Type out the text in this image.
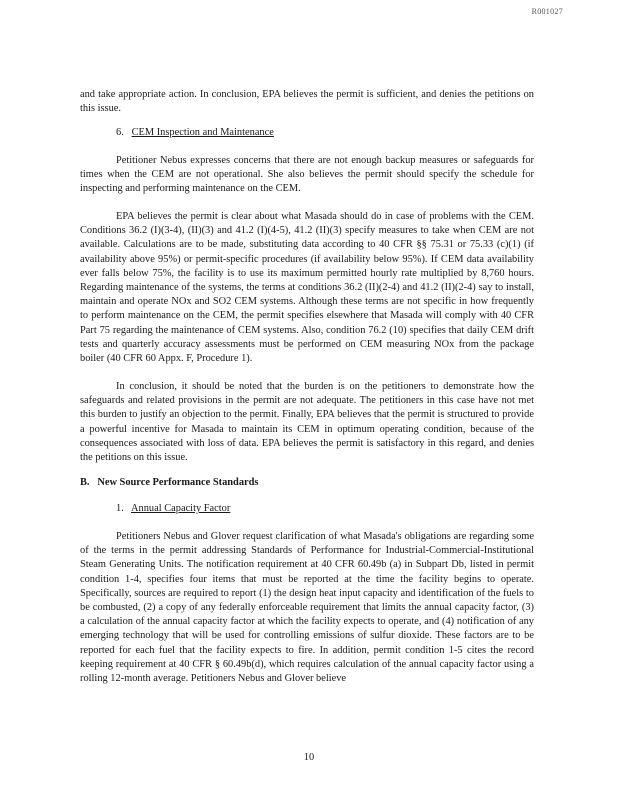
R001027

and take appropriate action. In conclusion, EPA believes the permit is sufficient, and denies the petitions on this issue.

6. CEM Inspection and Maintenance

Petitioner Nebus expresses concerns that there are not enough backup measures or safeguards for times when the CEM are not operational. She also believes the permit should specify the schedule for inspecting and performing maintenance on the CEM.

EPA believes the permit is clear about what Masada should do in case of problems with the CEM. Conditions 36.2 (I)(3-4), (II)(3) and 41.2 (I)(4-5), 41.2 (II)(3) specify measures to take when CEM are not available. Calculations are to be made, substituting data according to 40 CFR §§ 75.31 or 75.33 (c)(1) (if availability above 95%) or permit-specific procedures (if availability below 95%). If CEM data availability ever falls below 75%, the facility is to use its maximum permitted hourly rate multiplied by 8,760 hours. Regarding maintenance of the systems, the terms at conditions 36.2 (II)(2-4) and 41.2 (II)(2-4) say to install, maintain and operate NOx and SO2 CEM systems. Although these terms are not specific in how frequently to perform maintenance on the CEM, the permit specifies elsewhere that Masada will comply with 40 CFR Part 75 regarding the maintenance of CEM systems. Also, condition 76.2 (10) specifies that daily CEM drift tests and quarterly accuracy assessments must be performed on CEM measuring NOx from the package boiler (40 CFR 60 Appx. F, Procedure 1).

In conclusion, it should be noted that the burden is on the petitioners to demonstrate how the safeguards and related provisions in the permit are not adequate. The petitioners in this case have not met this burden to justify an objection to the permit. Finally, EPA believes that the permit is structured to provide a powerful incentive for Masada to maintain its CEM in optimum operating condition, because of the consequences associated with loss of data. EPA believes the permit is satisfactory in this regard, and denies the petitions on this issue.

B. New Source Performance Standards
1. Annual Capacity Factor

Petitioners Nebus and Glover request clarification of what Masada's obligations are regarding some of the terms in the permit addressing Standards of Performance for Industrial-Commercial-Institutional Steam Generating Units. The notification requirement at 40 CFR 60.49b (a) in Subpart Db, listed in permit condition 1-4, specifies four items that must be reported at the time the facility begins to operate. Specifically, sources are required to report (1) the design heat input capacity and identification of the fuels to be combusted, (2) a copy of any federally enforceable requirement that limits the annual capacity factor, (3) a calculation of the annual capacity factor at which the facility expects to operate, and (4) notification of any emerging technology that will be used for controlling emissions of sulfur dioxide. These factors are to be reported for each fuel that the facility expects to fire. In addition, permit condition 1-5 cites the record keeping requirement at 40 CFR § 60.49b(d), which requires calculation of the annual capacity factor using a rolling 12-month average. Petitioners Nebus and Glover believe

10
